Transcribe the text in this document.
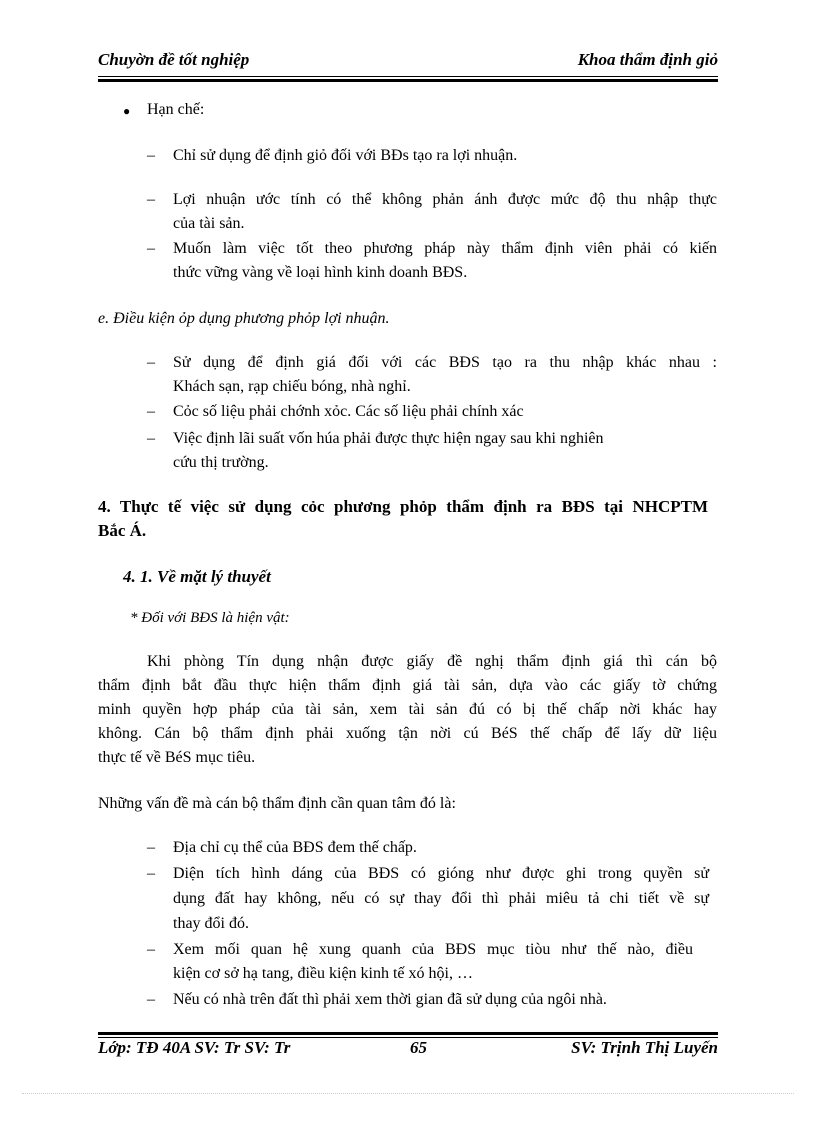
Chuyờn đề tốt nghiệp	Khoa thẩm định giỏ
● Hạn chế:
– Chỉ sử dụng để định giỏ đối với BĐs tạo ra lợi nhuận.
– Lợi nhuận ước tính có thể không phản ánh được mức độ thu nhập thực
của tài sản.
– Muốn làm việc tốt theo phương pháp này thẩm định viên phải có kiến
thức vững vàng về loại hình kinh doanh BĐS.
e. Điều kiện ỏp dụng phương phỏp lợi nhuận.
– Sử dụng để định giá đối với các BĐS tạo ra thu nhập khác nhau :
Khách sạn, rạp chiếu bóng, nhà nghỉ.
– Cỏc số liệu phải chớnh xỏc. Các số liệu phải chính xác
– Việc định lãi suất vốn húa phải được thực hiện ngay sau khi nghiên
cứu thị trường.
4. Thực tế việc sử dụng cỏc phương phỏp thẩm định ra BĐS tại NHCPTM
Bắc Á.
4. 1. Về mặt lý thuyết
* Đối với BĐS là hiện vật:
Khi phòng Tín dụng nhận được giấy đề nghị thẩm định giá thì cán bộ
thẩm định bắt đầu thực hiện thẩm định giá tài sản, dựa vào các giấy tờ chứng
minh quyền hợp pháp của tài sản, xem tài sản đú có bị thế chấp nời khác hay
không. Cán bộ thẩm định phải xuống tận nời cú BéS thế chấp để lấy dữ liệu
thực tế về BéS mục tiêu.
Những vấn đề mà cán bộ thẩm định cần quan tâm đó là:
– Địa chỉ cụ thể của BĐS đem thế chấp.
– Diện tích hình dáng của BĐS có gióng như được ghi trong quyền sử
dụng đất hay không, nếu có sự thay đổi thì phải miêu tả chi tiết về sự
thay đổi đó.
– Xem mối quan hệ xung quanh của BĐS mục tiòu như thế nào, điều
kiện cơ sở hạ tang, điều kiện kinh tế xó hội, …
– Nếu có nhà trên đất thì phải xem thời gian đã sử dụng của ngôi nhà.
Lớp: TĐ 40A SV: Tr SV: Tr	65	SV: Trịnh Thị Luyến
